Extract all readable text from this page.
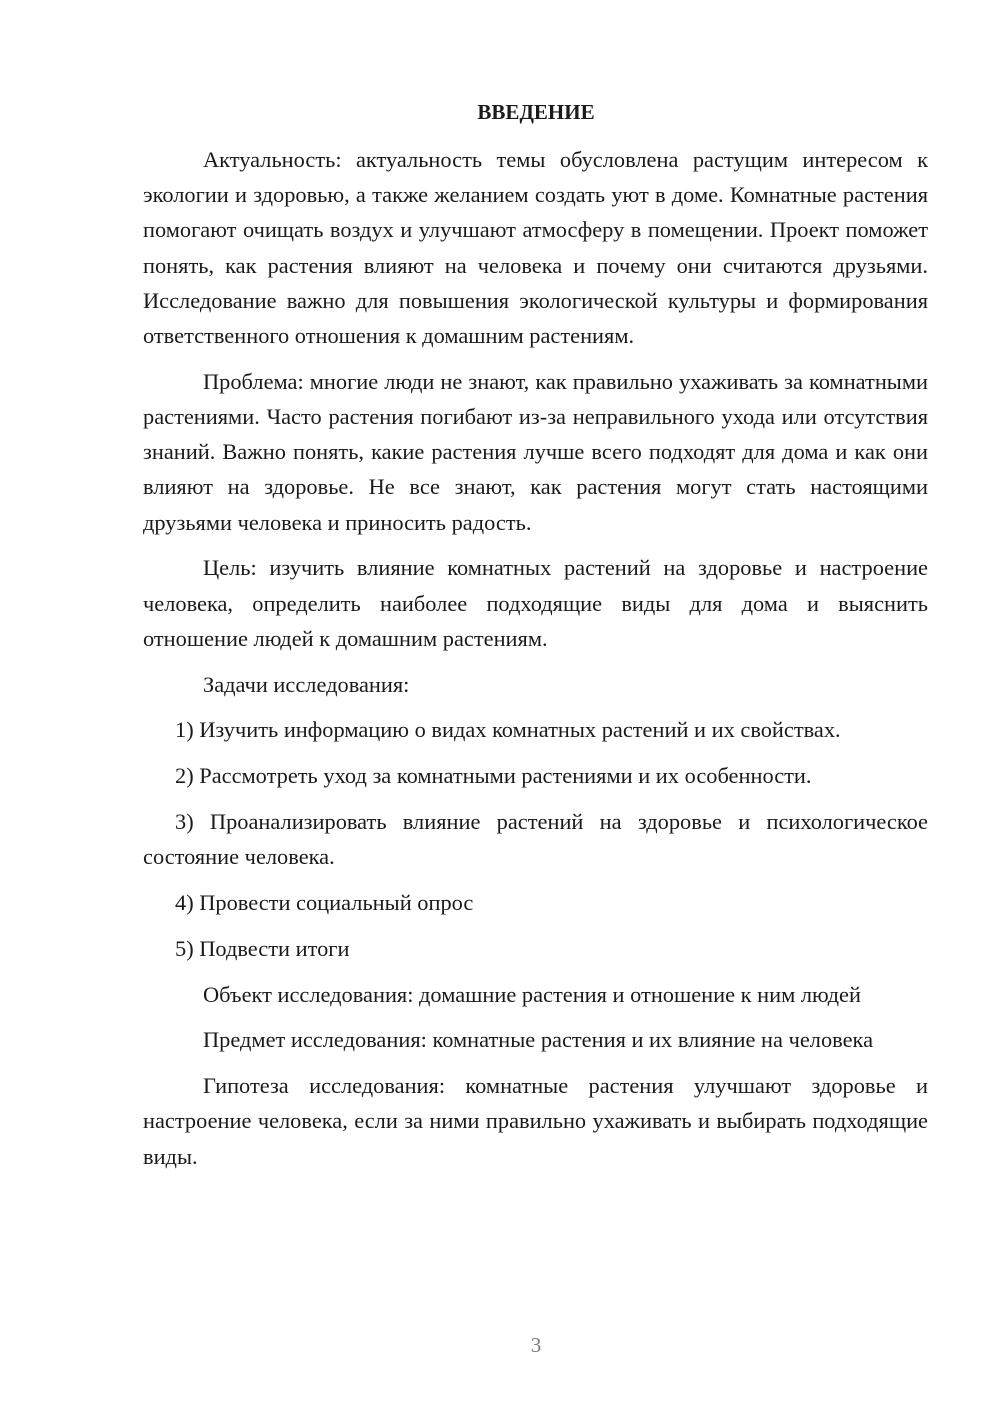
ВВЕДЕНИЕ

Актуальность: актуальность темы обусловлена растущим интересом к экологии и здоровью, а также желанием создать уют в доме. Комнатные растения помогают очищать воздух и улучшают атмосферу в помещении. Проект поможет понять, как растения влияют на человека и почему они считаются друзьями. Исследование важно для повышения экологической культуры и формирования ответственного отношения к домашним растениям.

Проблема: многие люди не знают, как правильно ухаживать за комнатными растениями. Часто растения погибают из-за неправильного ухода или отсутствия знаний. Важно понять, какие растения лучше всего подходят для дома и как они влияют на здоровье. Не все знают, как растения могут стать настоящими друзьями человека и приносить радость.

Цель: изучить влияние комнатных растений на здоровье и настроение человека, определить наиболее подходящие виды для дома и выяснить отношение людей к домашним растениям.

Задачи исследования:

1) Изучить информацию о видах комнатных растений и их свойствах.

2) Рассмотреть уход за комнатными растениями и их особенности.

3) Проанализировать влияние растений на здоровье и психологическое состояние человека.

4) Провести социальный опрос

5) Подвести итоги

Объект исследования: домашние растения и отношение к ним людей

Предмет исследования: комнатные растения и их влияние на человека

Гипотеза исследования: комнатные растения улучшают здоровье и настроение человека, если за ними правильно ухаживать и выбирать подходящие виды.

3
